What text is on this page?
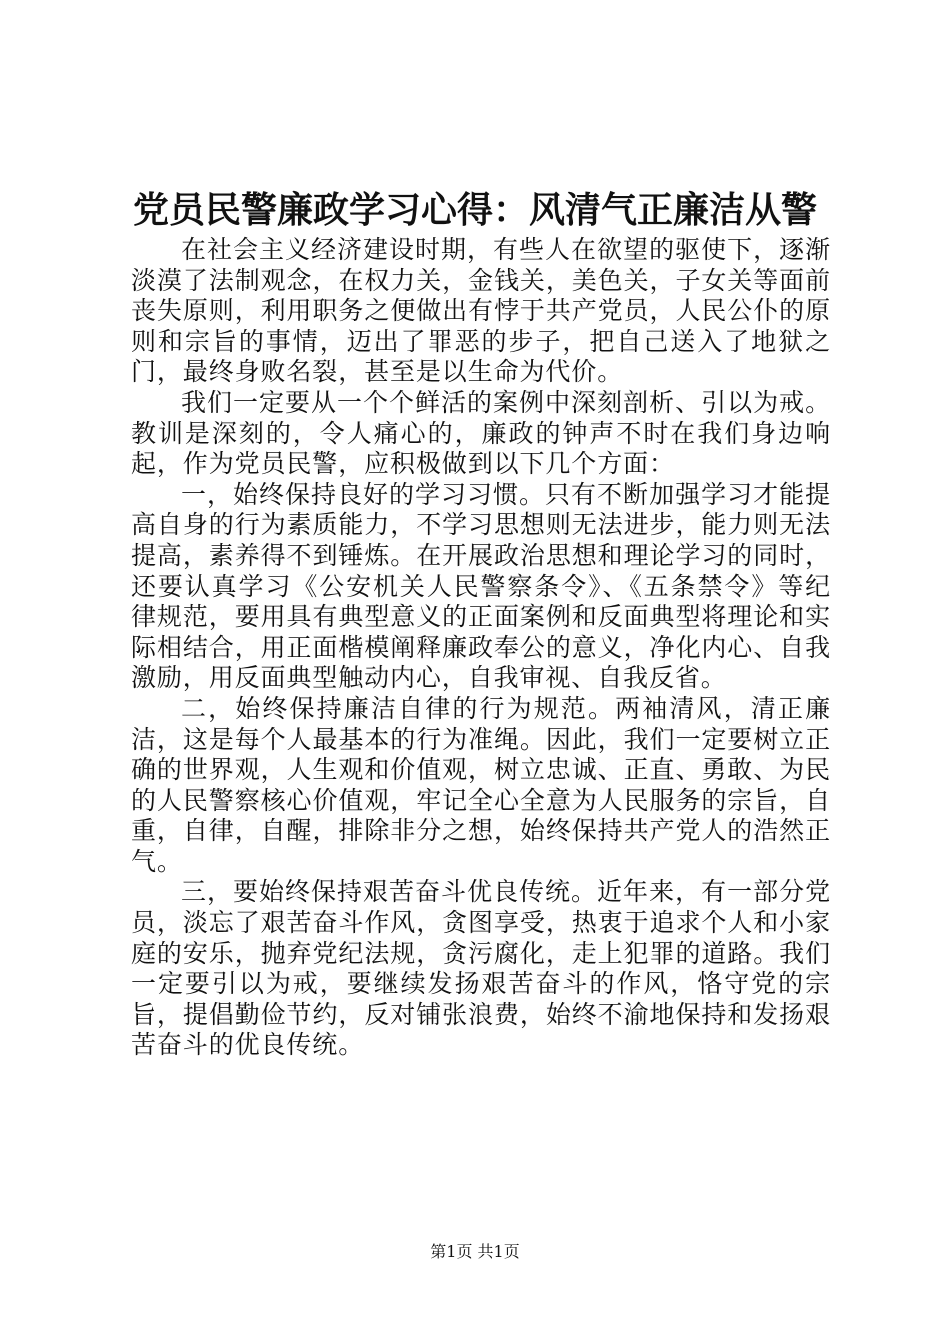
党员民警廉政学习心得：风清气正廉洁从警

在社会主义经济建设时期，有些人在欲望的驱使下，逐渐淡漠了法制观念，在权力关，金钱关，美色关，子女关等面前丧失原则，利用职务之便做出有悖于共产党员，人民公仆的原则和宗旨的事情，迈出了罪恶的步子，把自己送入了地狱之门，最终身败名裂，甚至是以生命为代价。

我们一定要从一个个鲜活的案例中深刻剖析、引以为戒。教训是深刻的，令人痛心的，廉政的钟声不时在我们身边响起，作为党员民警，应积极做到以下几个方面：

一，始终保持良好的学习习惯。只有不断加强学习才能提高自身的行为素质能力，不学习思想则无法进步，能力则无法提高，素养得不到锤炼。在开展政治思想和理论学习的同时，还要认真学习《公安机关人民警察条令》、《五条禁令》等纪律规范，要用具有典型意义的正面案例和反面典型将理论和实际相结合，用正面楷模阐释廉政奉公的意义，净化内心、自我激励，用反面典型触动内心，自我审视、自我反省。

二，始终保持廉洁自律的行为规范。两袖清风，清正廉洁，这是每个人最基本的行为准绳。因此，我们一定要树立正确的世界观，人生观和价值观，树立忠诚、正直、勇敢、为民的人民警察核心价值观，牢记全心全意为人民服务的宗旨，自重，自律，自醒，排除非分之想，始终保持共产党人的浩然正气。

三，要始终保持艰苦奋斗优良传统。近年来，有一部分党员，淡忘了艰苦奋斗作风，贪图享受，热衷于追求个人和小家庭的安乐，抛弃党纪法规，贪污腐化，走上犯罪的道路。我们一定要引以为戒，要继续发扬艰苦奋斗的作风，恪守党的宗旨，提倡勤俭节约，反对铺张浪费，始终不渝地保持和发扬艰苦奋斗的优良传统。

第1页 共1页
